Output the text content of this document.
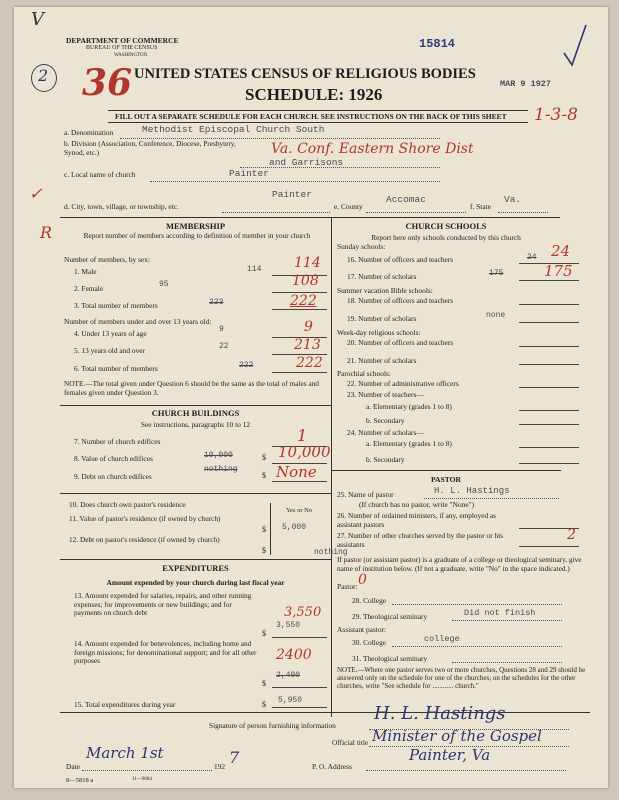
V
DEPARTMENT OF COMMERCE
BUREAU OF THE CENSUS
WASHINGTON
15814
2 36 UNITED STATES CENSUS OF RELIGIOUS BODIES
SCHEDULE: 1926
MAR 9 1927
FILL OUT A SEPARATE SCHEDULE FOR EACH CHURCH. SEE INSTRUCTIONS ON THE BACK OF THIS SHEET 1-3-8
a. Denomination	Methodist Episcopal Church South
b. Division (Association, Conference, Diocese, Presbytery, Synod, etc.)	Va. Conf. Eastern Shore Dist
and Garrisons
c. Local name of church	Painter
✓
d. City, town, village, or township, etc.
Painter
e. County
Accomac
f. State
Va.
R	MEMBERSHIP
Report number of members according to definition of member in your church
Number of members, by sex:
1. Male	114 114
2. Female	95	108
3. Total number of members	223	222
Number of members under and over 13 years old:
4. Under 13 years of age	9	9
5. 13 years old and over	22	213
6. Total number of members	222	222
NOTE.—The total given under Question 6 should be the same as the total of males and females given under Question 3.
CHURCH BUILDINGS
See instructions, paragraphs 10 to 12
7. Number of church edifices	1
8. Value of church edifices	$
10,000	10,000
9. Debt on church edifices	$
nothing	None
10. Does church own pastor's residence
Yes or No
11. Value of pastor's residence (if owned by church)
$ 5,000
12. Debt on pastor's residence (if owned by church)
$	nothing
EXPENDITURES
Amount expended by your church during last fiscal year
13. Amount expended for salaries, repairs, and other running expenses; for improvements or new buildings; and for payments on church debt
$
3,550
3,550
14. Amount expended for benevolences, including home and foreign missions; for denominational support; and for all other purposes
$
2,400
2400
15. Total expenditures during year	$ 5,950
CHURCH SCHOOLS
Report here only schools conducted by this church
Sunday schools:
16. Number of officers and teachers	24 24
17. Number of scholars	175	175
Summer vacation Bible schools:
18. Number of officers and teachers
19. Number of scholars	none
Week-day religious schools:
20. Number of officers and teachers
21. Number of scholars
Parochial schools:
22. Number of administrative officers
23. Number of teachers—
a. Elementary (grades 1 to 8)
b. Secondary
24. Number of scholars—
a. Elementary (grades 1 to 8)
b. Secondary
PASTOR
25. Name of pastor	H. L. Hastings
(If church has no pastor, write "None")
26. Number of ordained ministers, if any, employed as assistant pastors
27. Number of other churches served by the pastor or his assistants
2
If pastor (or assistant pastor) is a graduate of a college or theological seminary, give name of institution below. (If not a graduate, write "No" in the space indicated.)
Pastor: 0
28. College
29. Theological seminary	Did not finish
Assistant pastor:
30. College	college
31. Theological seminary
NOTE.—Where one pastor serves two or more churches, Questions 28 and 29 should be answered only on the schedule for one of the churches; on the schedules for the other churches, write "See schedule for ............ church."
Signature of person furnishing information
H. L. Hastings
Official title Minister of the Gospel
Date
March 1st
192 7	P. O. Address
Painter, Va
8—5818 a	11—9684
